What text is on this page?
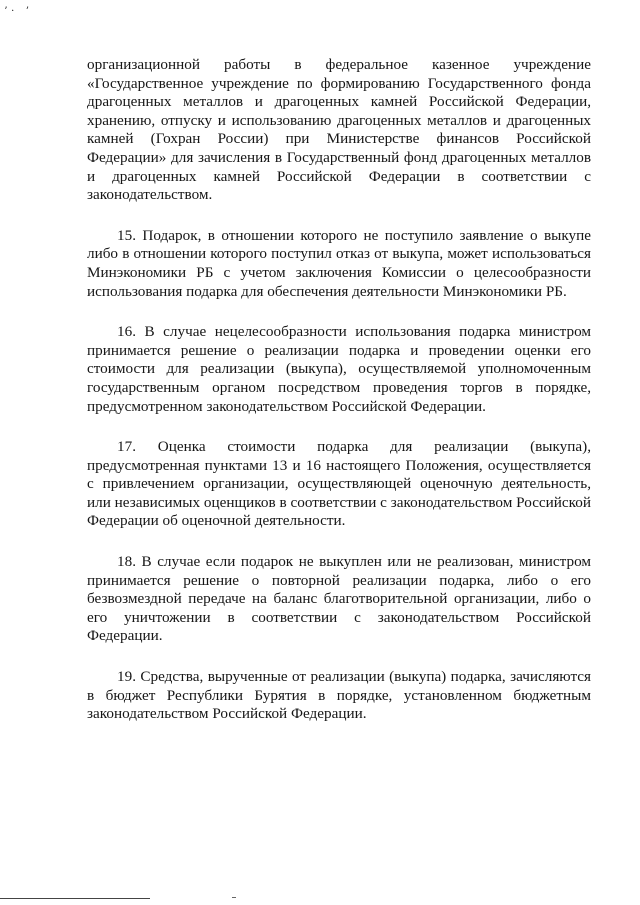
ʼ· ʼ

организационной работы в федеральное казенное учреждение «Государственное учреждение по формированию Государственного фонда драгоценных металлов и драгоценных камней Российской Федерации, хранению, отпуску и использованию драгоценных металлов и драгоценных камней (Гохран России) при Министерстве финансов Российской Федерации» для зачисления в Государственный фонд драгоценных металлов и драгоценных камней Российской Федерации в соответствии с законодательством.

15. Подарок, в отношении которого не поступило заявление о выкупе либо в отношении которого поступил отказ от выкупа, может использоваться Минэкономики РБ с учетом заключения Комиссии о целесообразности использования подарка для обеспечения деятельности Минэкономики РБ.

16. В случае нецелесообразности использования подарка министром принимается решение о реализации подарка и проведении оценки его стоимости для реализации (выкупа), осуществляемой уполномоченным государственным органом посредством проведения торгов в порядке, предусмотренном законодательством Российской Федерации.

17. Оценка стоимости подарка для реализации (выкупа), предусмотренная пунктами 13 и 16 настоящего Положения, осуществляется с привлечением организации, осуществляющей оценочную деятельность, или независимых оценщиков в соответствии с законодательством Российской Федерации об оценочной деятельности.

18. В случае если подарок не выкуплен или не реализован, министром принимается решение о повторной реализации подарка, либо о его безвозмездной передаче на баланс благотворительной организации, либо о его уничтожении в соответствии с законодательством Российской Федерации.

19. Средства, вырученные от реализации (выкупа) подарка, зачисляются в бюджет Республики Бурятия в порядке, установленном бюджетным законодательством Российской Федерации.
